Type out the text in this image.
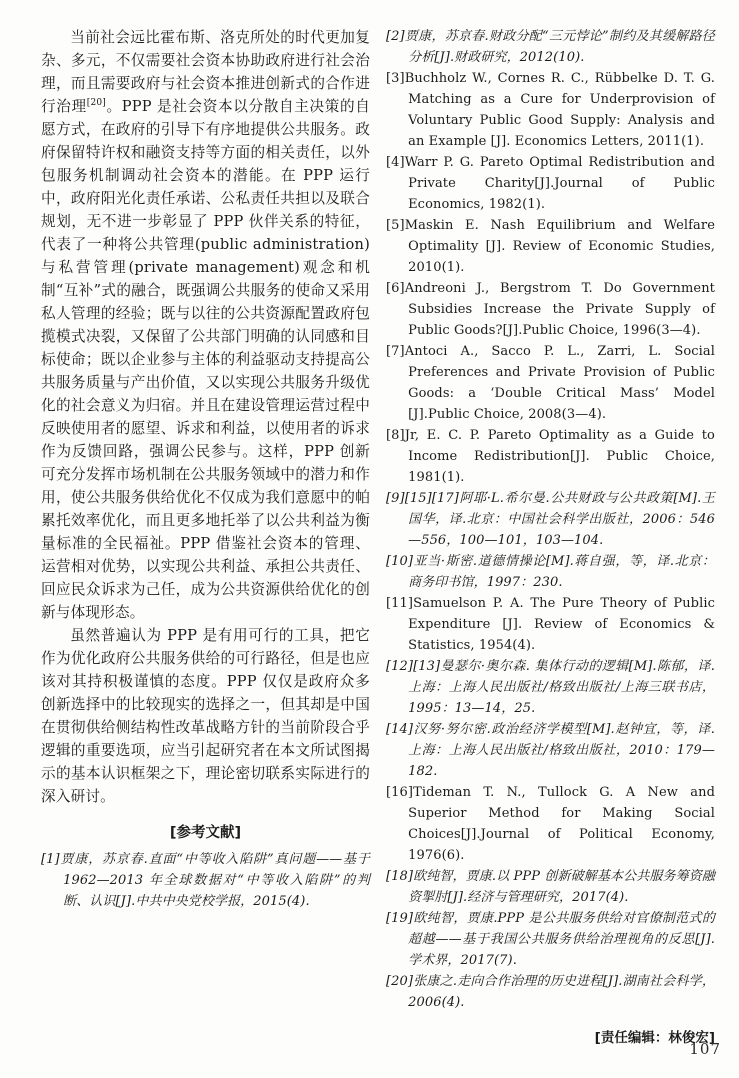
当前社会远比霍布斯、洛克所处的时代更加复杂、多元，不仅需要社会资本协助政府进行社会治理，而且需要政府与社会资本推进创新式的合作进行治理[20]。PPP 是社会资本以分散自主决策的自愿方式，在政府的引导下有序地提供公共服务。政府保留特许权和融资支持等方面的相关责任，以外包服务机制调动社会资本的潜能。在 PPP 运行中，政府阳光化责任承诺、公私责任共担以及联合规划，无不进一步彰显了 PPP 伙伴关系的特征，代表了一种将公共管理(public administration)与私营管理(private management)观念和机制“互补”式的融合，既强调公共服务的使命又采用私人管理的经验；既与以往的公共资源配置政府包揽模式决裂，又保留了公共部门明确的认同感和目标使命；既以企业参与主体的利益驱动支持提高公共服务质量与产出价值，又以实现公共服务升级优化的社会意义为归宿。并且在建设管理运营过程中反映使用者的愿望、诉求和利益，以使用者的诉求作为反馈回路，强调公民参与。这样，PPP 创新可充分发挥市场机制在公共服务领域中的潜力和作用，使公共服务供给优化不仅成为我们意愿中的帕累托效率优化，而且更多地托举了以公共利益为衡量标准的全民福祉。PPP 借鉴社会资本的管理、运营相对优势，以实现公共利益、承担公共责任、回应民众诉求为己任，成为公共资源供给优化的创新与体现形态。

虽然普遍认为 PPP 是有用可行的工具，把它作为优化政府公共服务供给的可行路径，但是也应该对其持积极谨慎的态度。PPP 仅仅是政府众多创新选择中的比较现实的选择之一，但其却是中国在贯彻供给侧结构性改革战略方针的当前阶段合乎逻辑的重要选项，应当引起研究者在本文所试图揭示的基本认识框架之下，理论密切联系实际进行的深入研讨。

[参考文献]

[1]贾康，苏京春.直面“中等收入陷阱”真问题——基于1962—2013 年全球数据对“中等收入陷阱”的判断、认识[J].中共中央党校学报，2015(4).

[2]贾康，苏京春.财政分配“三元悖论”制约及其缓解路径分析[J].财政研究，2012(10).

[3]Buchholz W., Cornes R. C., Rübbelke D. T. G. Matching as a Cure for Underprovision of Voluntary Public Good Supply: Analysis and an Example [J]. Economics Letters, 2011(1).

[4]Warr P. G. Pareto Optimal Redistribution and Private Charity[J].Journal of Public Economics, 1982(1).

[5]Maskin E. Nash Equilibrium and Welfare Optimality [J]. Review of Economic Studies, 2010(1).

[6]Andreoni J., Bergstrom T. Do Government Subsidies Increase the Private Supply of Public Goods?[J].Public Choice, 1996(3—4).

[7]Antoci A., Sacco P. L., Zarri, L. Social Preferences and Private Provision of Public Goods: a ‘Double Critical Mass’ Model [J].Public Choice, 2008(3—4).

[8]Jr, E. C. P. Pareto Optimality as a Guide to Income Redistribution[J]. Public Choice, 1981(1).

[9][15][17]阿耶·L.希尔曼.公共财政与公共政策[M].王国华，译.北京：中国社会科学出版社，2006：546—556，100—101，103—104.

[10]亚当·斯密.道德情操论[M].蒋自强，等，译.北京：商务印书馆，1997：230.

[11]Samuelson P. A. The Pure Theory of Public Expenditure [J]. Review of Economics & Statistics, 1954(4).

[12][13]曼瑟尔·奥尔森. 集体行动的逻辑[M].陈郁，译.上海：上海人民出版社/格致出版社/上海三联书店，1995：13—14，25.

[14]汉努·努尔密.政治经济学模型[M].赵钟宜，等，译.上海：上海人民出版社/格致出版社，2010：179—182.

[16]Tideman T. N., Tullock G. A New and Superior Method for Making Social Choices[J].Journal of Political Economy, 1976(6).

[18]欧纯智，贾康.以 PPP 创新破解基本公共服务筹资融资掣肘[J].经济与管理研究，2017(4).

[19]欧纯智，贾康.PPP 是公共服务供给对官僚制范式的超越——基于我国公共服务供给治理视角的反思[J].学术界，2017(7).

[20]张康之.走向合作治理的历史进程[J].湖南社会科学，2006(4).

[责任编辑：林俊宏]
107
